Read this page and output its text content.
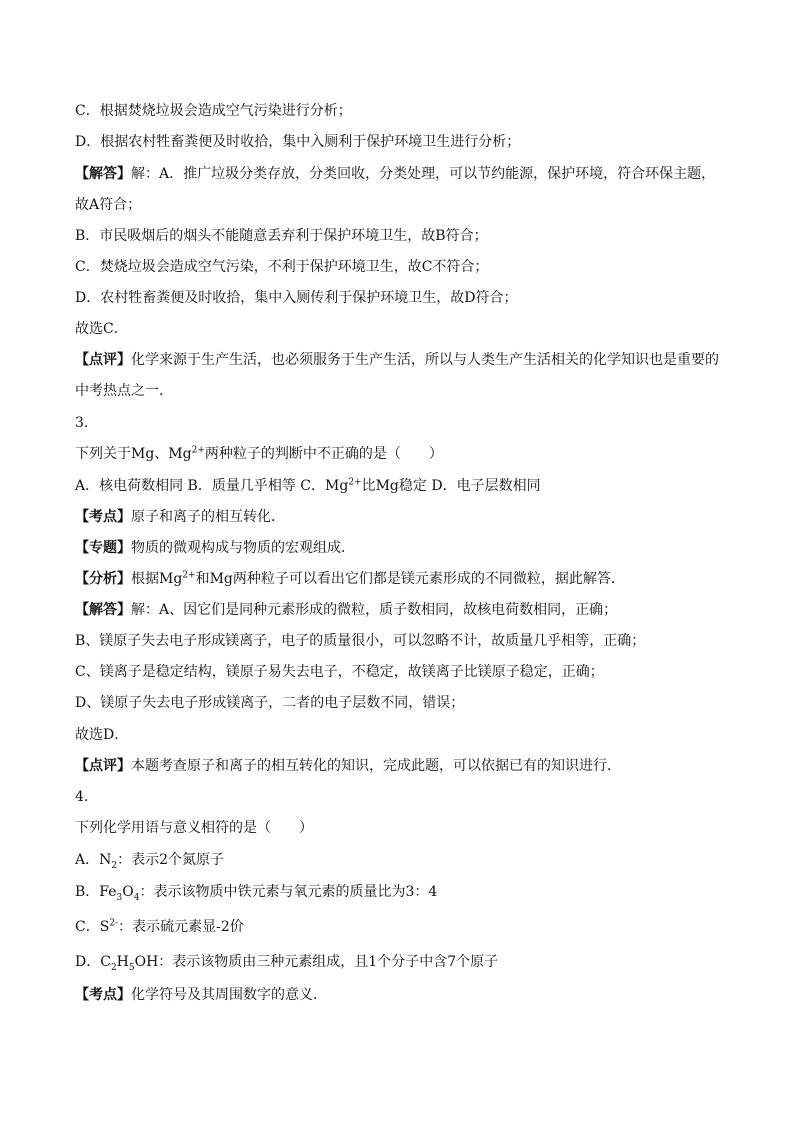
C．根据焚烧垃圾会造成空气污染进行分析；
D．根据农村牲畜粪便及时收拾，集中入厕利于保护环境卫生进行分析；
【解答】解：A．推广垃圾分类存放，分类回收，分类处理，可以节约能源，保护环境，符合环保主题，
故A符合；
B．市民吸烟后的烟头不能随意丢弃利于保护环境卫生，故B符合；
C．焚烧垃圾会造成空气污染，不利于保护环境卫生，故C不符合；
D．农村牲畜粪便及时收拾，集中入厕传利于保护环境卫生，故D符合；
故选C．
【点评】化学来源于生产生活，也必须服务于生产生活，所以与人类生产生活相关的化学知识也是重要的
中考热点之一．
3.
下列关于Mg、$Mg^{2+}$两种粒子的判断中不正确的是（　　）
A．核电荷数相同 B．质量几乎相等 C．$Mg^{2+}$比Mg稳定 D．电子层数相同
【考点】原子和离子的相互转化．
【专题】物质的微观构成与物质的宏观组成．
【分析】根据$Mg^{2+}$和Mg两种粒子可以看出它们都是镁元素形成的不同微粒，据此解答．
【解答】解：A、因它们是同种元素形成的微粒，质子数相同，故核电荷数相同，正确；
B、镁原子失去电子形成镁离子，电子的质量很小，可以忽略不计，故质量几乎相等，正确；
C、镁离子是稳定结构，镁原子易失去电子，不稳定，故镁离子比镁原子稳定，正确；
D、镁原子失去电子形成镁离子，二者的电子层数不同，错误；
故选D．
【点评】本题考查原子和离子的相互转化的知识，完成此题，可以依据已有的知识进行．
4.
下列化学用语与意义相符的是（　　）
A．$N_2$：表示2个氮原子
B．$Fe_3O_4$：表示该物质中铁元素与氧元素的质量比为3：4
C．$S^{2-}$：表示硫元素显-2价
D．$C_2H_5OH$：表示该物质由三种元素组成，且1个分子中含7个原子
【考点】化学符号及其周围数字的意义．
